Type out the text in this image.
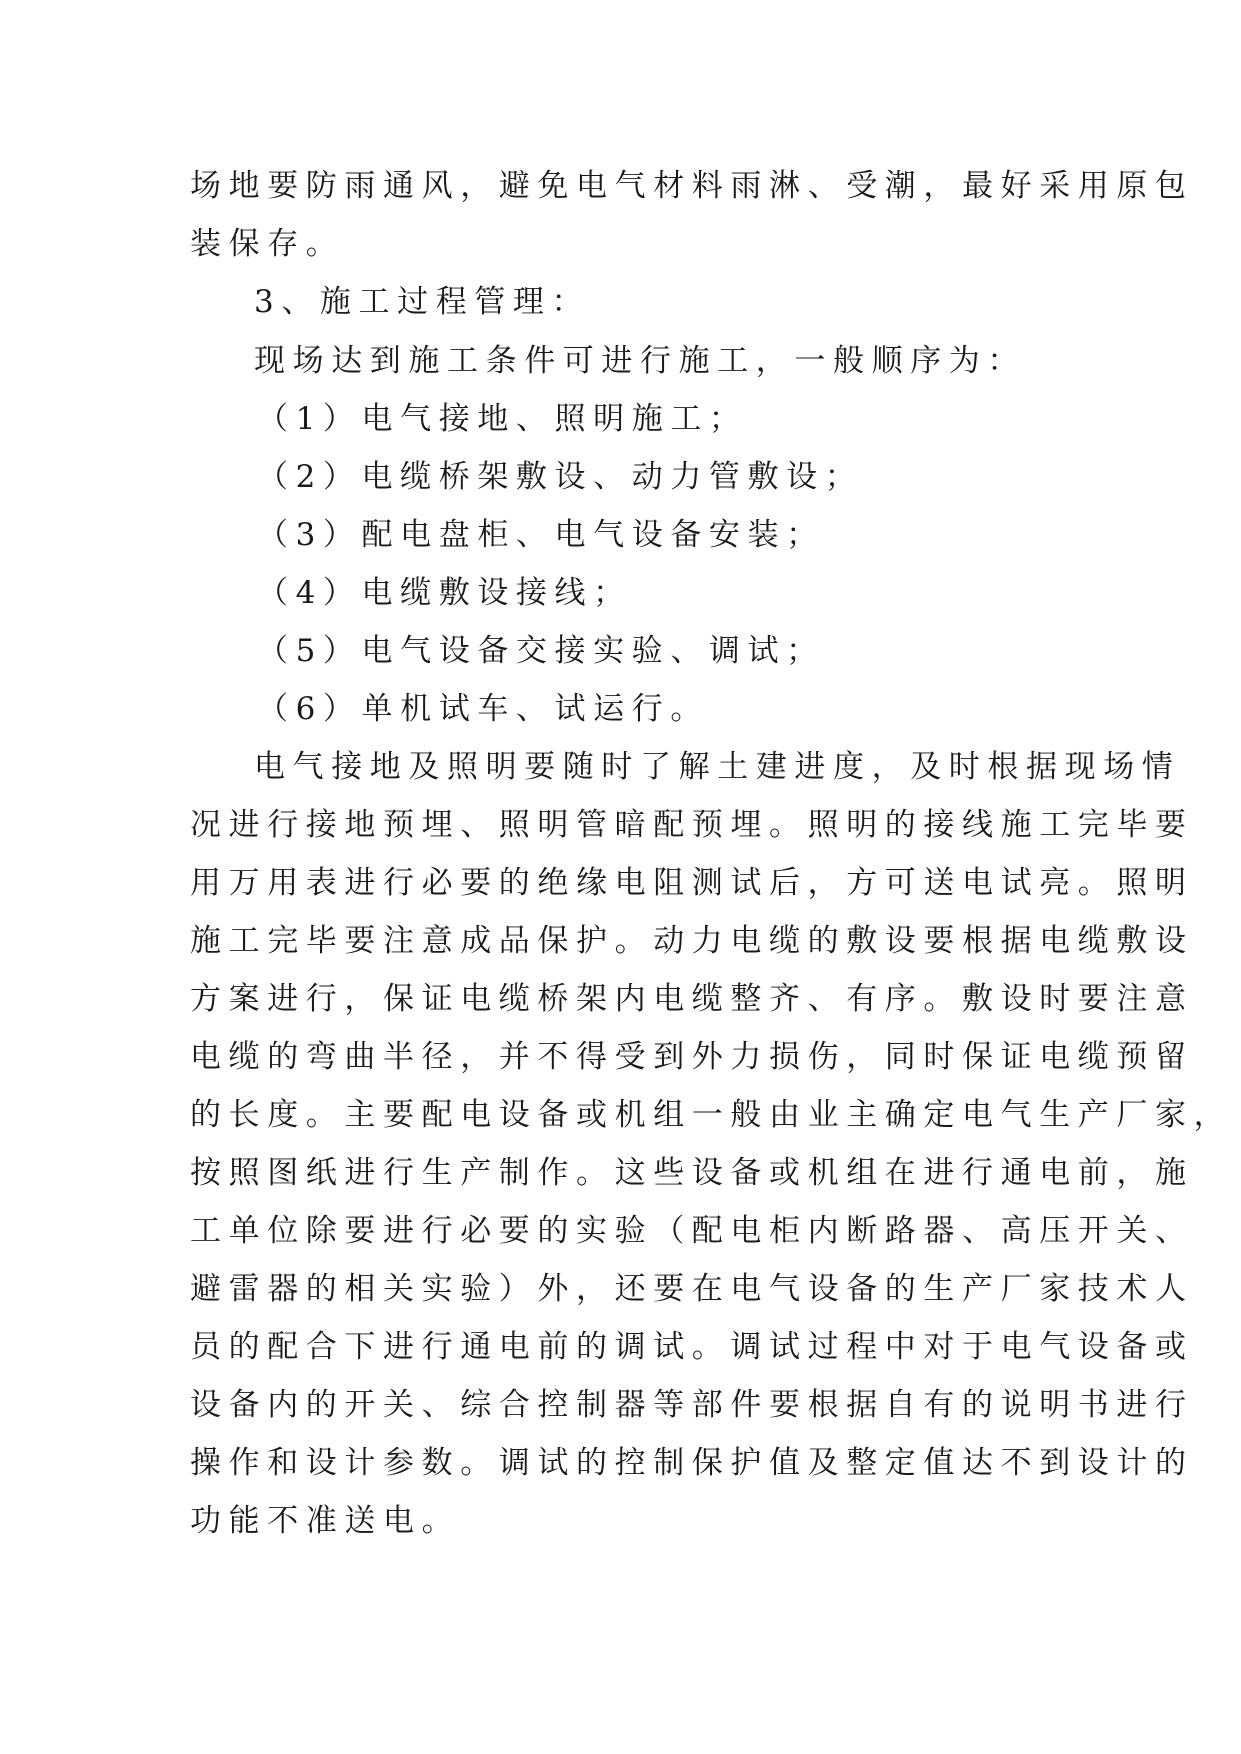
场地要防雨通风，避免电气材料雨淋、受潮，最好采用原包
装保存。
3、施工过程管理：
现场达到施工条件可进行施工，一般顺序为：
（1）电气接地、照明施工；
（2）电缆桥架敷设、动力管敷设；
（3）配电盘柜、电气设备安装；
（4）电缆敷设接线；
（5）电气设备交接实验、调试；
（6）单机试车、试运行。
电气接地及照明要随时了解土建进度，及时根据现场情
况进行接地预埋、照明管暗配预埋。照明的接线施工完毕要
用万用表进行必要的绝缘电阻测试后，方可送电试亮。照明
施工完毕要注意成品保护。动力电缆的敷设要根据电缆敷设
方案进行，保证电缆桥架内电缆整齐、有序。敷设时要注意
电缆的弯曲半径，并不得受到外力损伤，同时保证电缆预留
的长度。主要配电设备或机组一般由业主确定电气生产厂家，
按照图纸进行生产制作。这些设备或机组在进行通电前，施
工单位除要进行必要的实验（配电柜内断路器、高压开关、
避雷器的相关实验）外，还要在电气设备的生产厂家技术人
员的配合下进行通电前的调试。调试过程中对于电气设备或
设备内的开关、综合控制器等部件要根据自有的说明书进行
操作和设计参数。调试的控制保护值及整定值达不到设计的
功能不准送电。
